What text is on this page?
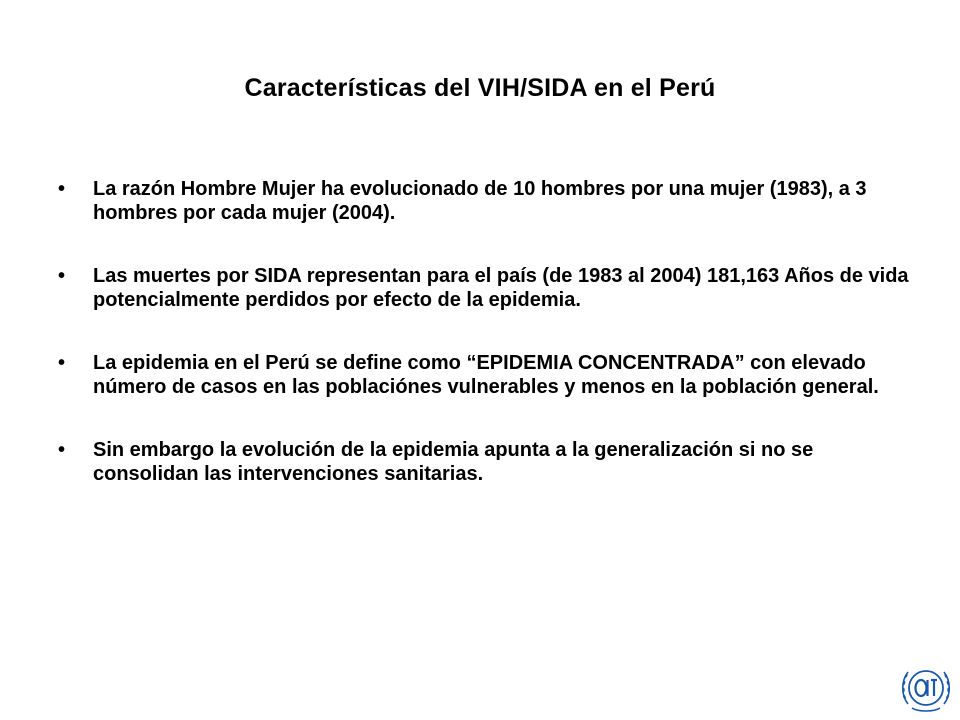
Características del VIH/SIDA en el Perú
• La razón Hombre Mujer ha evolucionado de 10 hombres por una mujer (1983), a 3 hombres por cada mujer (2004).
• Las muertes por SIDA representan para el país (de 1983 al 2004) 181,163 Años de vida potencialmente perdidos por efecto de la epidemia.
• La epidemia en el Perú se define como “EPIDEMIA CONCENTRADA” con elevado número de casos en las poblaciónes vulnerables y menos en la población general.
• Sin embargo la evolución de la epidemia apunta a la generalización si no se consolidan las intervenciones sanitarias.
